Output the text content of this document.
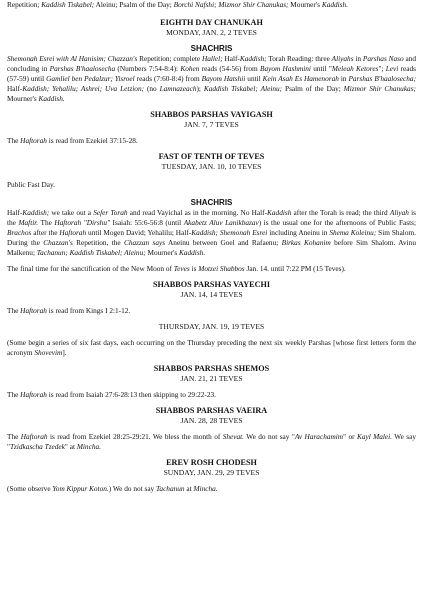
Repetition; Kaddish Tiskabel; Aleinu; Psalm of the Day; Borchi Nafshi; Mizmor Shir Chanukas; Mourner's Kaddish.

EIGHTH DAY CHANUKAH

MONDAY, JAN. 2, 2 TEVES

SHACHRIS

Shemonah Esrei with Al Hanisim; Chazzan's Repetition; complete Hallel; Half-Kaddish; Torah Reading: three Aliyahs in Parshas Naso and concluding in Parshas B'haalosecha (Numbers 7:54-8:4): Kohen reads (54-56) from Bayom Hashmini until "Meleah Ketores"; Levi reads (57-59) until Gamliel ben Pedalzur; Yisroel reads (7:60-8:4) from Bayom Hatshii until Kein Asah Es Hamenorah in Parshas B'haalosecha; Half-Kaddish; Yehalilu; Ashrei; Uva Letzion; (no Lamnazeach); Kaddish Tiskabel; Aleinu; Psalm of the Day; Mizmor Shir Chanukas; Mourner's Kaddish.

SHABBOS PARSHAS VAYIGASH

JAN. 7, 7 TEVES

The Haftorah is read from Ezekiel 37:15-28.

FAST OF TENTH OF TEVES

TUESDAY, JAN. 10, 10 TEVES

Public Fast Day.

SHACHRIS

Half-Kaddish; we take out a Sefer Torah and read Vayichal as in the morning. No Half-Kaddish after the Torah is read; the third Aliyah is the Maftir. The Haftorah "Dirshu" Isaiah: 55:6-56:8 (until Akabetz Aluv Lanikbazav) is the usual one for the afternoons of Public Fasts; Brachos after the Haftorah until Mogen David; Yehalilu; Half-Kaddish; Shemonah Esrei including Aneinu in Shema Koleinu; Sim Shalom. During the Chazzan's Repetition, the Chazzan says Aneinu between Goel and Rafaenu; Birkas Kohanim before Sim Shalom. Avinu Malkenu; Tachanun; Kaddish Tiskabel; Aleinu; Mourner's Kaddish.

The final time for the sanctification of the New Moon of Teves is Motzei Shabbos Jan. 14. until 7:22 PM (15 Teves).

SHABBOS PARSHAS VAYECHI

JAN. 14, 14 TEVES

The Haftorah is read from Kings I 2:1-12.

THURSDAY, JAN. 19, 19 TEVES

(Some begin a series of six fast days, each occurring on the Thursday preceding the next six weekly Parshas [whose first letters form the acronym Shovevim].

SHABBOS PARSHAS SHEMOS

JAN. 21, 21 TEVES

The Haftorah is read from Isaiah 27:6-28:13 then skipping to 29:22-23.

SHABBOS PARSHAS VAEIRA

JAN. 28, 28 TEVES

The Haftorah is read from Ezekiel 28:25-29:21. We bless the month of Shevat. We do not say "Av Harachamim" or Kayl Malei. We say "Tzidkascha Tzedek" at Mincha.

EREV ROSH CHODESH

SUNDAY, JAN. 29, 29 TEVES

(Some observe Yom Kippur Koton.) We do not say Tachanun at Mincha.
